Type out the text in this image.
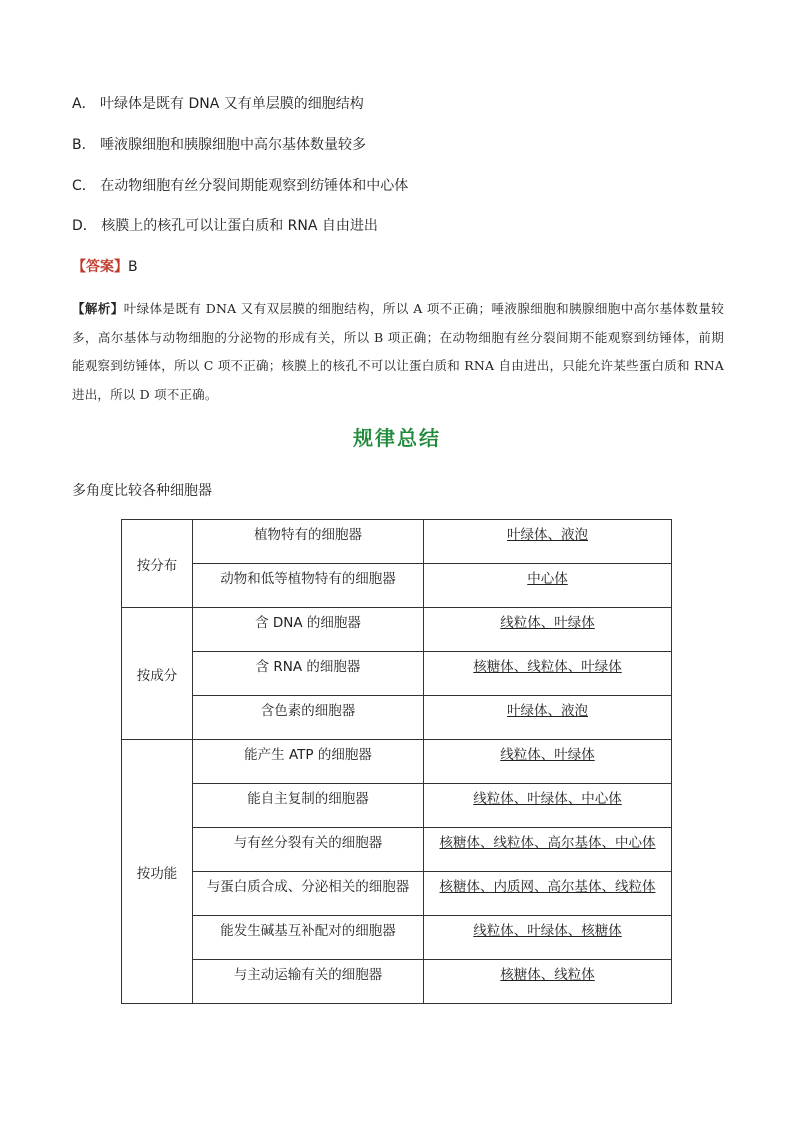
A． 叶绿体是既有 DNA 又有单层膜的细胞结构
B． 唾液腺细胞和胰腺细胞中高尔基体数量较多
C． 在动物细胞有丝分裂间期能观察到纺锤体和中心体
D． 核膜上的核孔可以让蛋白质和 RNA 自由进出
【答案】B
【解析】叶绿体是既有 DNA 又有双层膜的细胞结构，所以 A 项不正确；唾液腺细胞和胰腺细胞中高尔基体数量较多，高尔基体与动物细胞的分泌物的形成有关，所以 B 项正确；在动物细胞有丝分裂间期不能观察到纺锤体，前期能观察到纺锤体，所以 C 项不正确；核膜上的核孔不可以让蛋白质和 RNA 自由进出，只能允许某些蛋白质和 RNA 进出，所以 D 项不正确。
规律总结
多角度比较各种细胞器
按分布	植物特有的细胞器	叶绿体、液泡
	动物和低等植物特有的细胞器	中心体
按成分	含 DNA 的细胞器	线粒体、叶绿体
	含 RNA 的细胞器	核糖体、线粒体、叶绿体
	含色素的细胞器	叶绿体、液泡
按功能	能产生 ATP 的细胞器	线粒体、叶绿体
	能自主复制的细胞器	线粒体、叶绿体、中心体
	与有丝分裂有关的细胞器	核糖体、线粒体、高尔基体、中心体
	与蛋白质合成、分泌相关的细胞器	核糖体、内质网、高尔基体、线粒体
	能发生碱基互补配对的细胞器	线粒体、叶绿体、核糖体
	与主动运输有关的细胞器	核糖体、线粒体
